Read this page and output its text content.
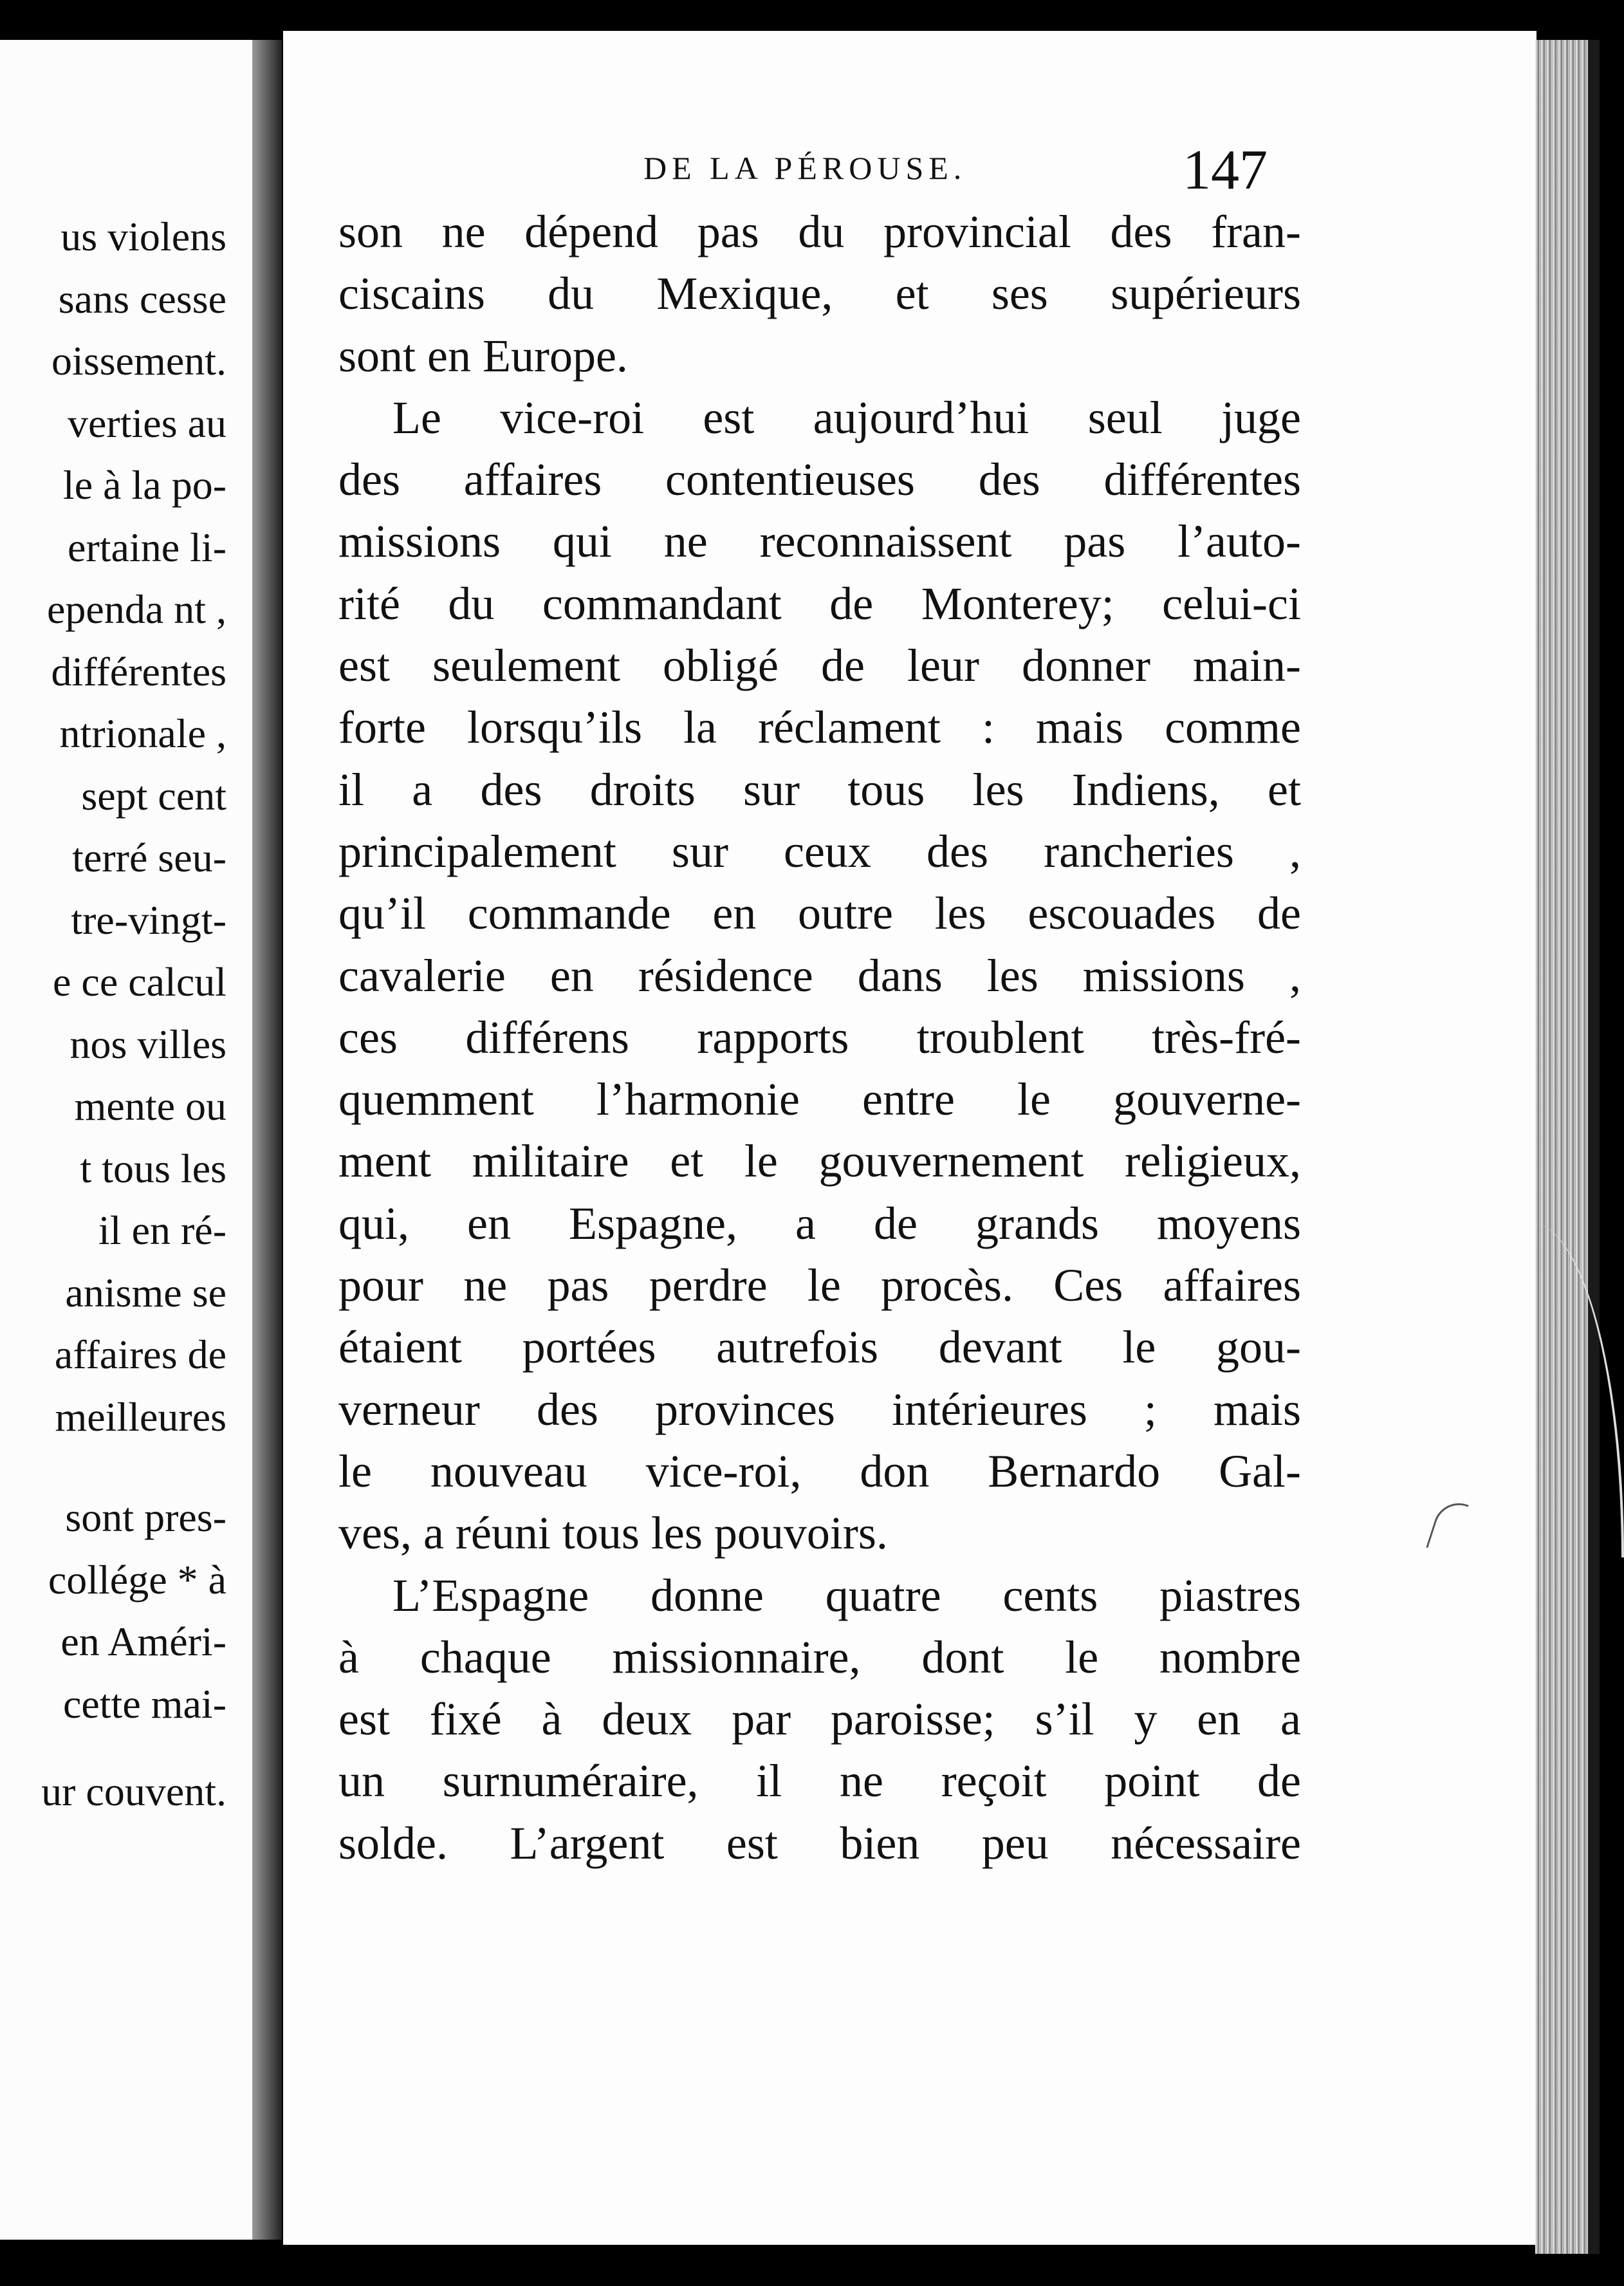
us violens
sans cesse
oissement.
verties au
le à la po-
ertaine li-
ependa nt ,
différentes
ntrionale ,
sept cent
terré seu-
tre-vingt-
e ce calcul
nos villes
mente ou
t tous les
il en ré-
anisme se
affaires de
meilleures
sont pres-
collége * à
en Améri-
cette mai-
ur couvent.
DE LA PÉROUSE.	147
son ne dépend pas du provincial des fran-
ciscains du Mexique, et ses supérieurs
sont en Europe.
Le vice-roi est aujourd’hui seul juge
des affaires contentieuses des différentes
missions qui ne reconnaissent pas l’auto-
rité du commandant de Monterey; celui-ci
est seulement obligé de leur donner main-
forte lorsqu’ils la réclament : mais comme
il a des droits sur tous les Indiens, et
principalement sur ceux des rancheries ,
qu’il commande en outre les escouades de
cavalerie en résidence dans les missions ,
ces différens rapports troublent très-fré-
quemment l’harmonie entre le gouverne-
ment militaire et le gouvernement religieux,
qui, en Espagne, a de grands moyens
pour ne pas perdre le procès. Ces affaires
étaient portées autrefois devant le gou-
verneur des provinces intérieures ; mais
le nouveau vice-roi, don Bernardo Gal-
ves, a réuni tous les pouvoirs.
L’Espagne donne quatre cents piastres
à chaque missionnaire, dont le nombre
est fixé à deux par paroisse; s’il y en a
un surnuméraire, il ne reçoit point de
solde. L’argent est bien peu nécessaire
